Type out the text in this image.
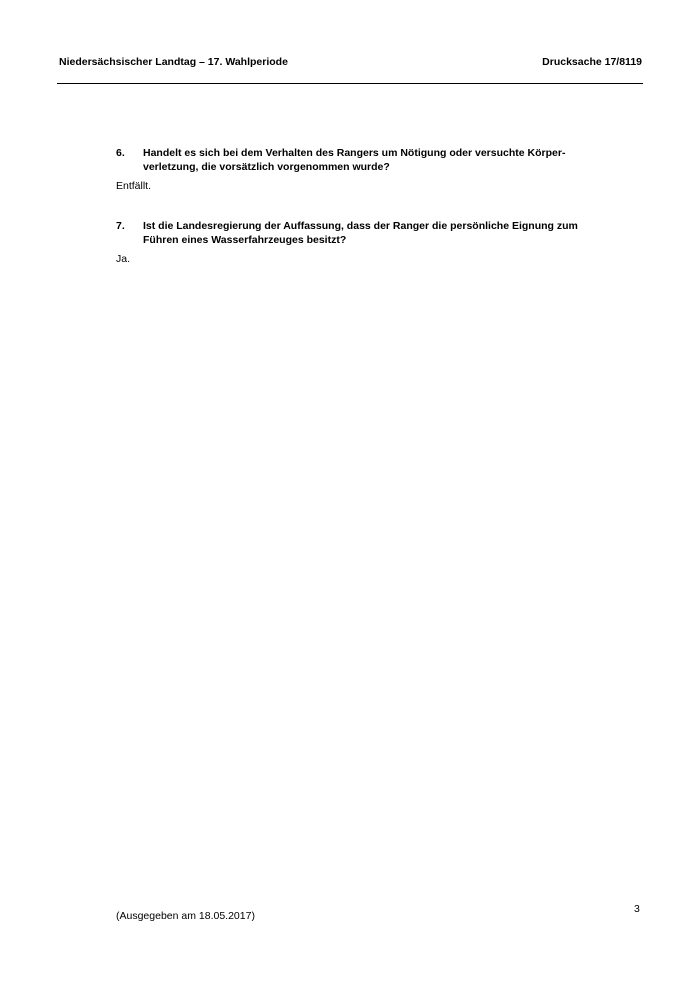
Niedersächsischer Landtag – 17. Wahlperiode	Drucksache 17/8119
6.	Handelt es sich bei dem Verhalten des Rangers um Nötigung oder versuchte Körper-
verletzung, die vorsätzlich vorgenommen wurde?
Entfällt.
7.	Ist die Landesregierung der Auffassung, dass der Ranger die persönliche Eignung zum
Führen eines Wasserfahrzeuges besitzt?
Ja.
3
(Ausgegeben am 18.05.2017)
